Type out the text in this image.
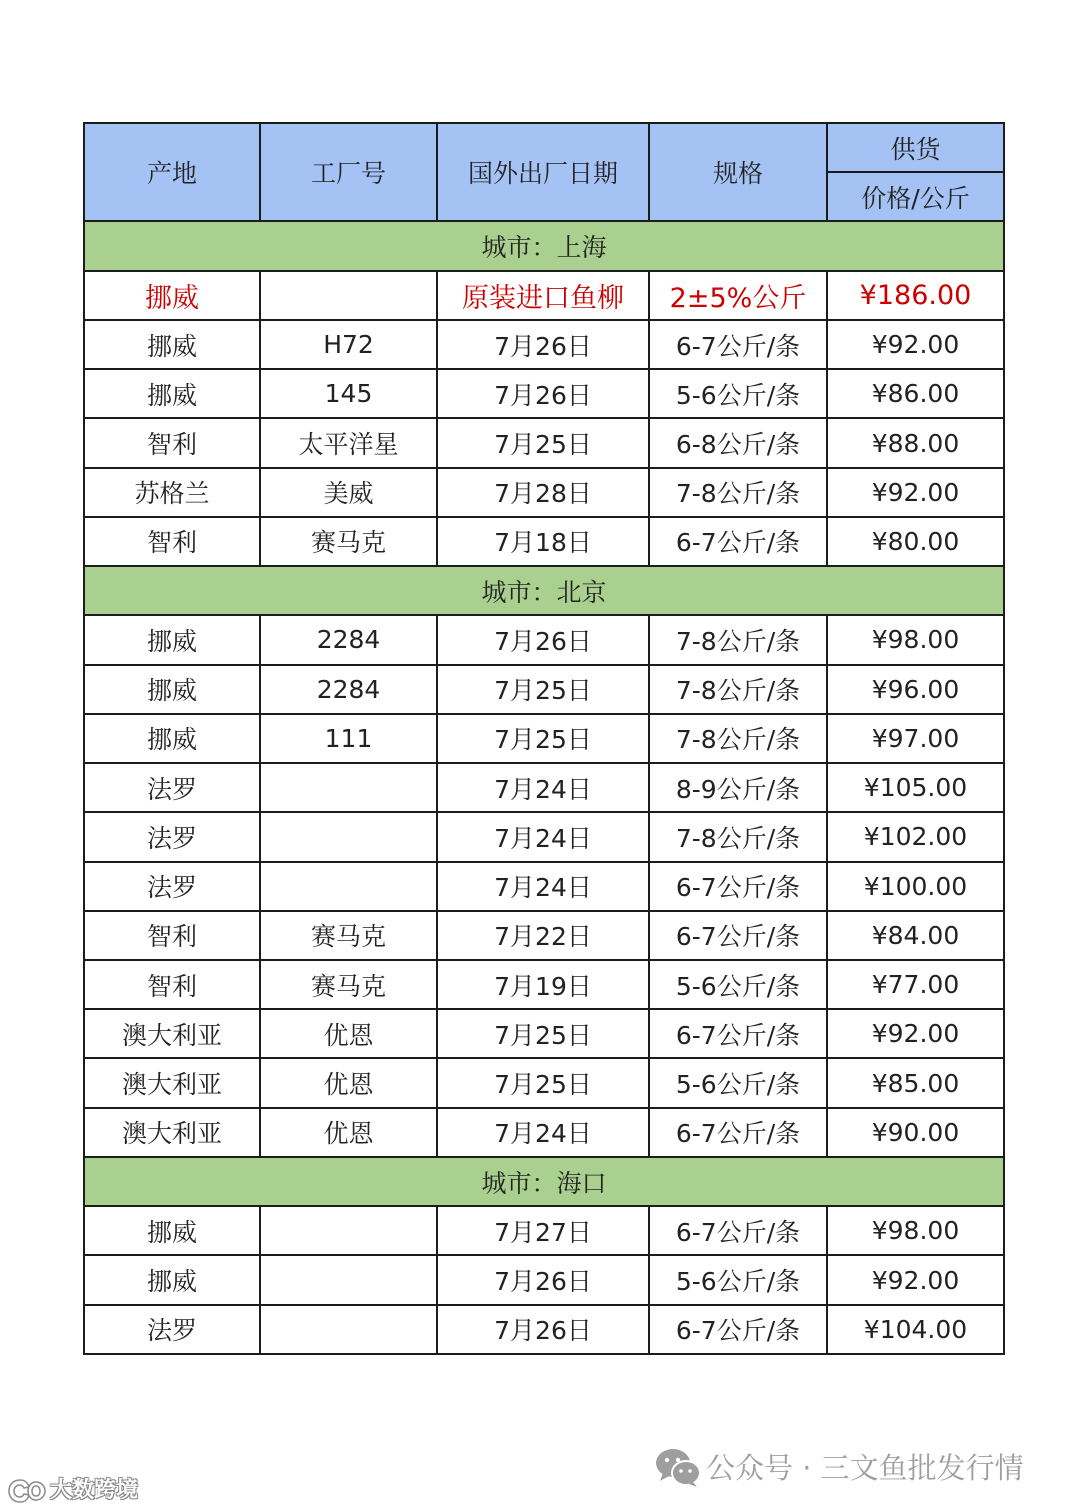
产地	工厂号	国外出厂日期	规格	供货
				价格/公斤
城市：上海				
挪威		原装进口鱼柳	2±5%公斤	¥186.00
挪威	H72	7月26日	6-7公斤/条	¥92.00
挪威	145	7月26日	5-6公斤/条	¥86.00
智利	太平洋星	7月25日	6-8公斤/条	¥88.00
苏格兰	美威	7月28日	7-8公斤/条	¥92.00
智利	赛马克	7月18日	6-7公斤/条	¥80.00
城市：北京				
挪威	2284	7月26日	7-8公斤/条	¥98.00
挪威	2284	7月25日	7-8公斤/条	¥96.00
挪威	111	7月25日	7-8公斤/条	¥97.00
法罗		7月24日	8-9公斤/条	¥105.00
法罗		7月24日	7-8公斤/条	¥102.00
法罗		7月24日	6-7公斤/条	¥100.00
智利	赛马克	7月22日	6-7公斤/条	¥84.00
智利	赛马克	7月19日	5-6公斤/条	¥77.00
澳大利亚	优恩	7月25日	6-7公斤/条	¥92.00
澳大利亚	优恩	7月25日	5-6公斤/条	¥85.00
澳大利亚	优恩	7月24日	6-7公斤/条	¥90.00
城市：海口				
挪威		7月27日	6-7公斤/条	¥98.00
挪威		7月26日	5-6公斤/条	¥92.00
法罗		7月26日	6-7公斤/条	¥104.00
公众号 · 三文鱼批发行情
大数跨境
